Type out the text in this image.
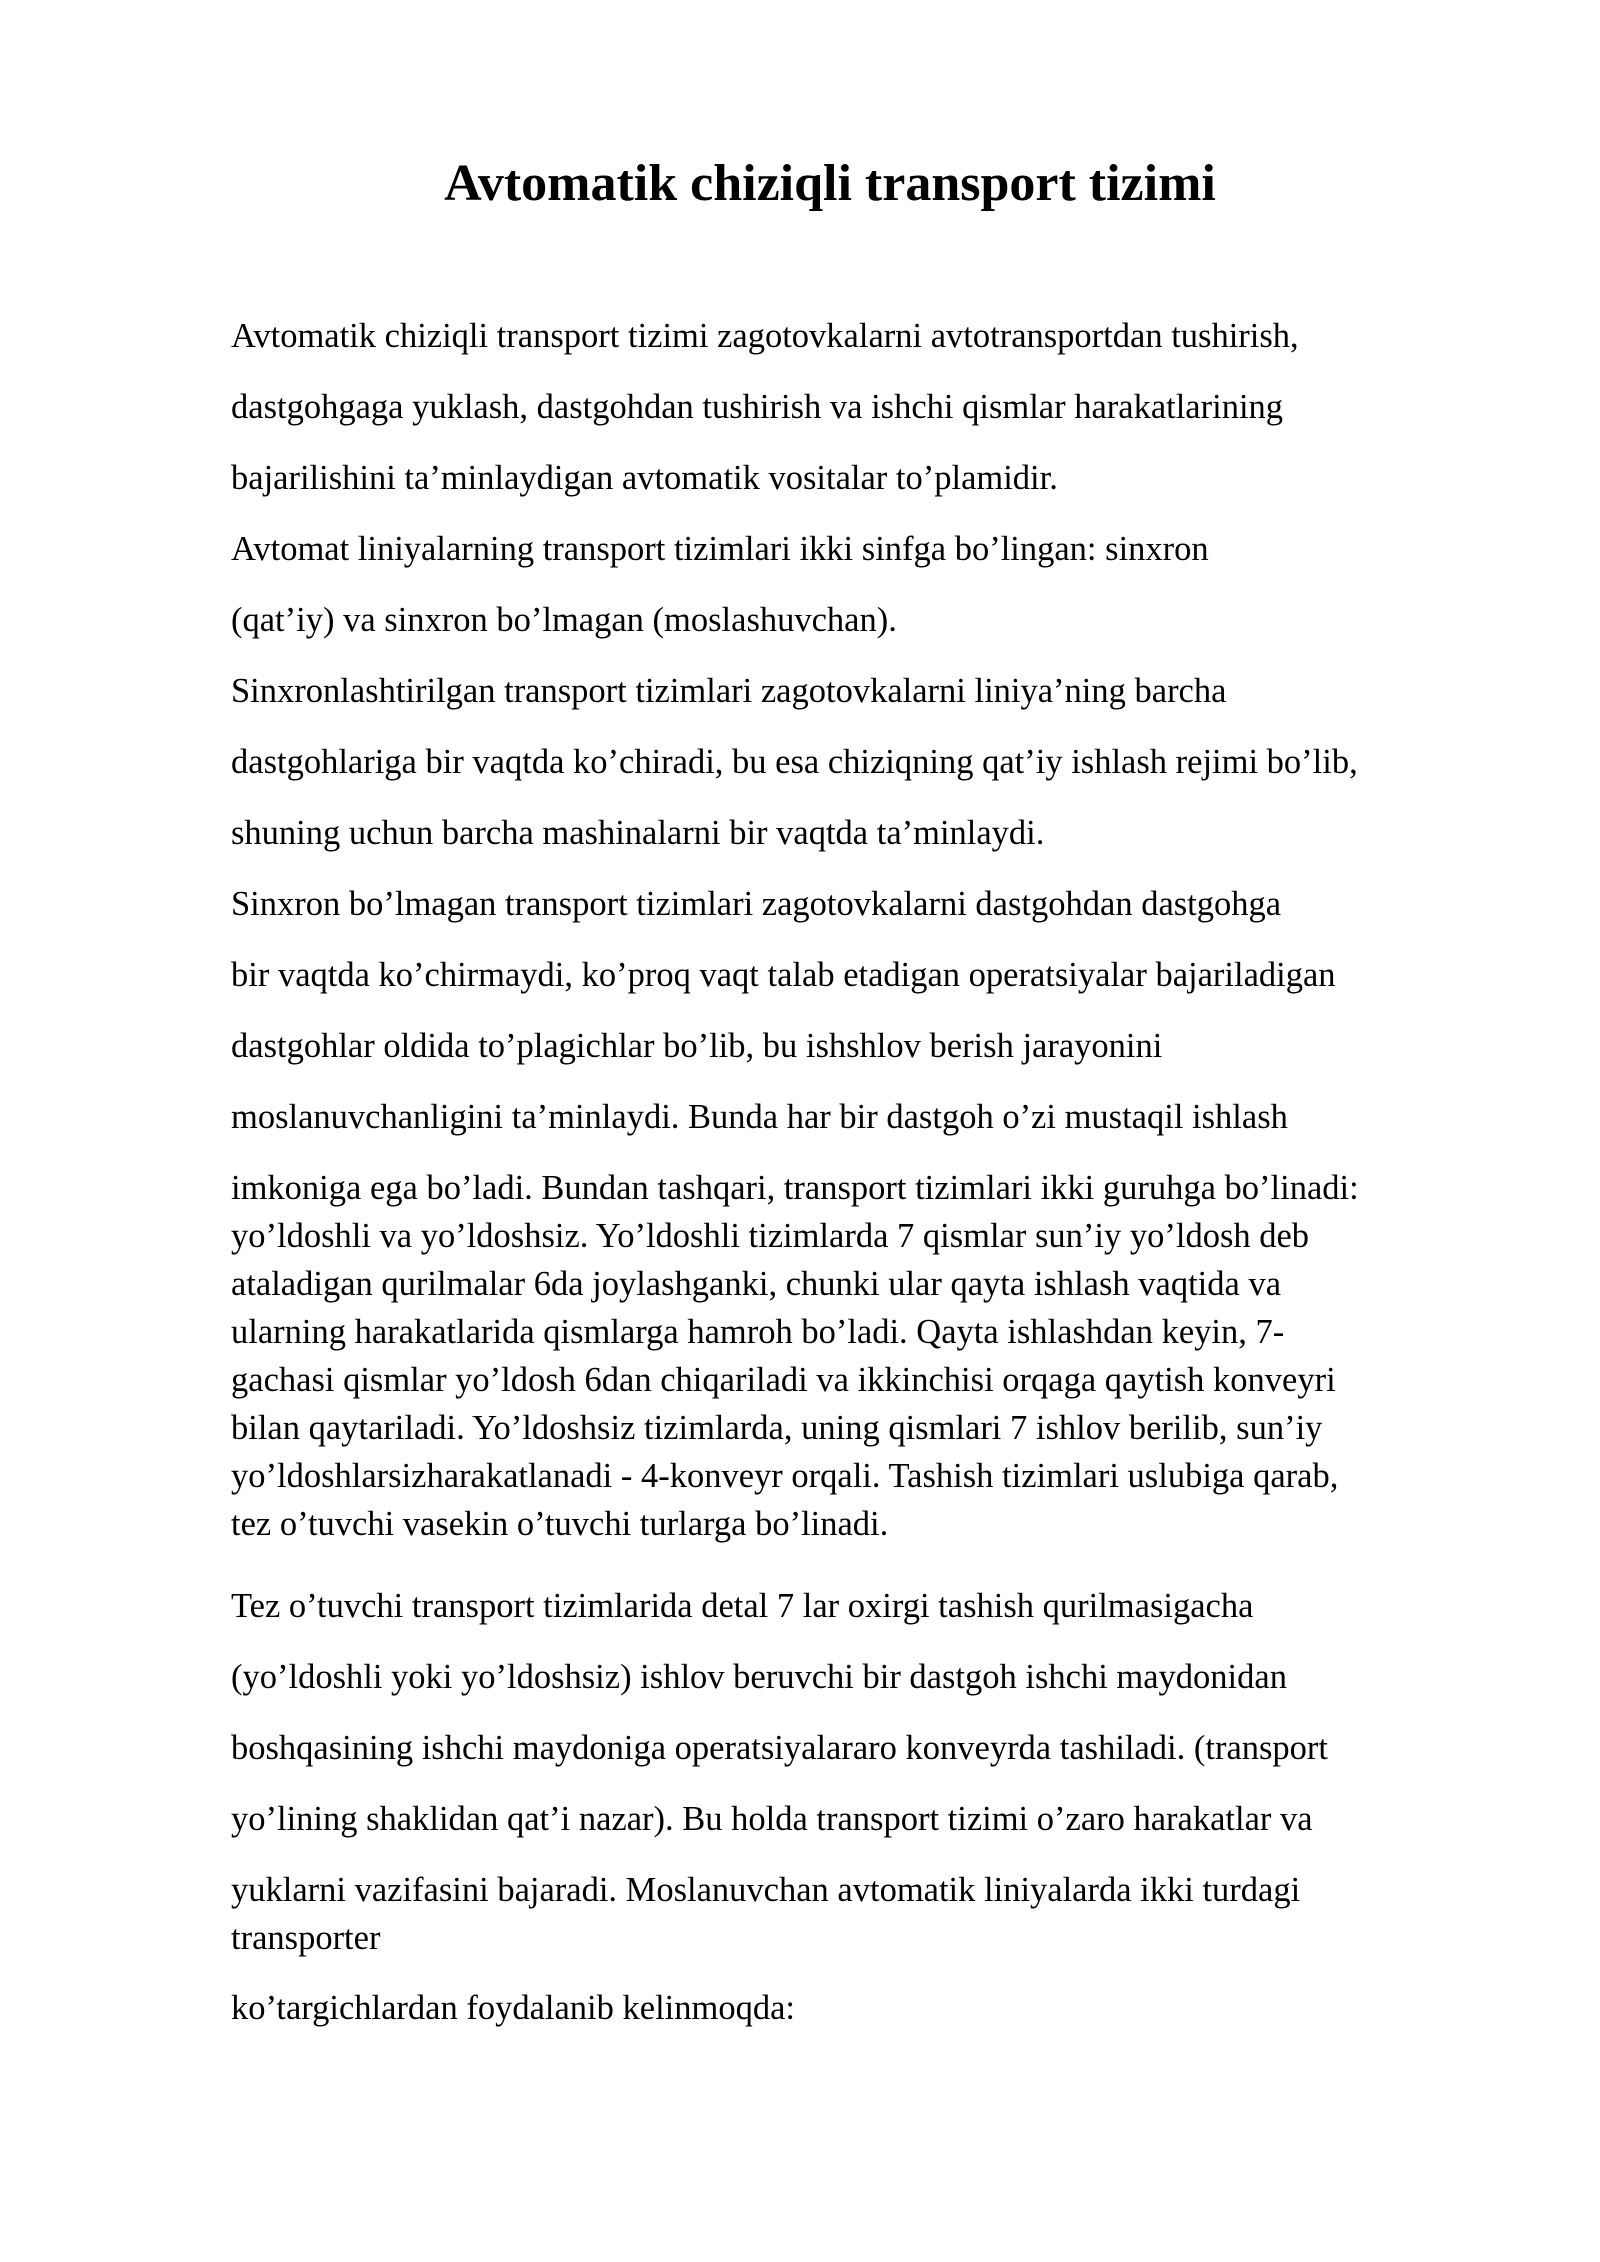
Avtomatik chiziqli transport tizimi
Avtomatik chiziqli transport tizimi zagotovkalarni avtotransportdan tushirish,
dastgohgaga yuklash, dastgohdan tushirish va ishchi qismlar harakatlarining
bajarilishini ta’minlaydigan avtomatik vositalar to’plamidir.
Avtomat liniyalarning transport tizimlari ikki sinfga bo’lingan: sinxron
(qat’iy) va sinxron bo’lmagan (moslashuvchan).
Sinxronlashtirilgan transport tizimlari zagotovkalarni liniya’ning barcha
dastgohlariga bir vaqtda ko’chiradi, bu esa chiziqning qat’iy ishlash rejimi bo’lib,
shuning uchun barcha mashinalarni bir vaqtda ta’minlaydi.
Sinxron bo’lmagan transport tizimlari zagotovkalarni dastgohdan dastgohga
bir vaqtda ko’chirmaydi, ko’proq vaqt talab etadigan operatsiyalar bajariladigan
dastgohlar oldida to’plagichlar bo’lib, bu ishshlov berish jarayonini
moslanuvchanligini ta’minlaydi. Bunda har bir dastgoh o’zi mustaqil ishlash
imkoniga ega bo’ladi. Bundan tashqari, transport tizimlari ikki guruhga bo’linadi:
yo’ldoshli va yo’ldoshsiz. Yo’ldoshli tizimlarda 7 qismlar sun’iy yo’ldosh deb
ataladigan qurilmalar 6da joylashganki, chunki ular qayta ishlash vaqtida va
ularning harakatlarida qismlarga hamroh bo’ladi. Qayta ishlashdan keyin, 7-
gachasi qismlar yo’ldosh 6dan chiqariladi va ikkinchisi orqaga qaytish konveyri
bilan qaytariladi. Yo’ldoshsiz tizimlarda, uning qismlari 7 ishlov berilib, sun’iy
yo’ldoshlarsizharakatlanadi - 4-konveyr orqali. Tashish tizimlari uslubiga qarab,
tez o’tuvchi vasekin o’tuvchi turlarga bo’linadi.
Tez o’tuvchi transport tizimlarida detal 7 lar oxirgi tashish qurilmasigacha
(yo’ldoshli yoki yo’ldoshsiz) ishlov beruvchi bir dastgoh ishchi maydonidan
boshqasining ishchi maydoniga operatsiyalararo konveyrda tashiladi. (transport
yo’lining shaklidan qat’i nazar). Bu holda transport tizimi o’zaro harakatlar va
yuklarni vazifasini bajaradi. Moslanuvchan avtomatik liniyalarda ikki turdagi
transporter
ko’targichlardan foydalanib kelinmoqda:
